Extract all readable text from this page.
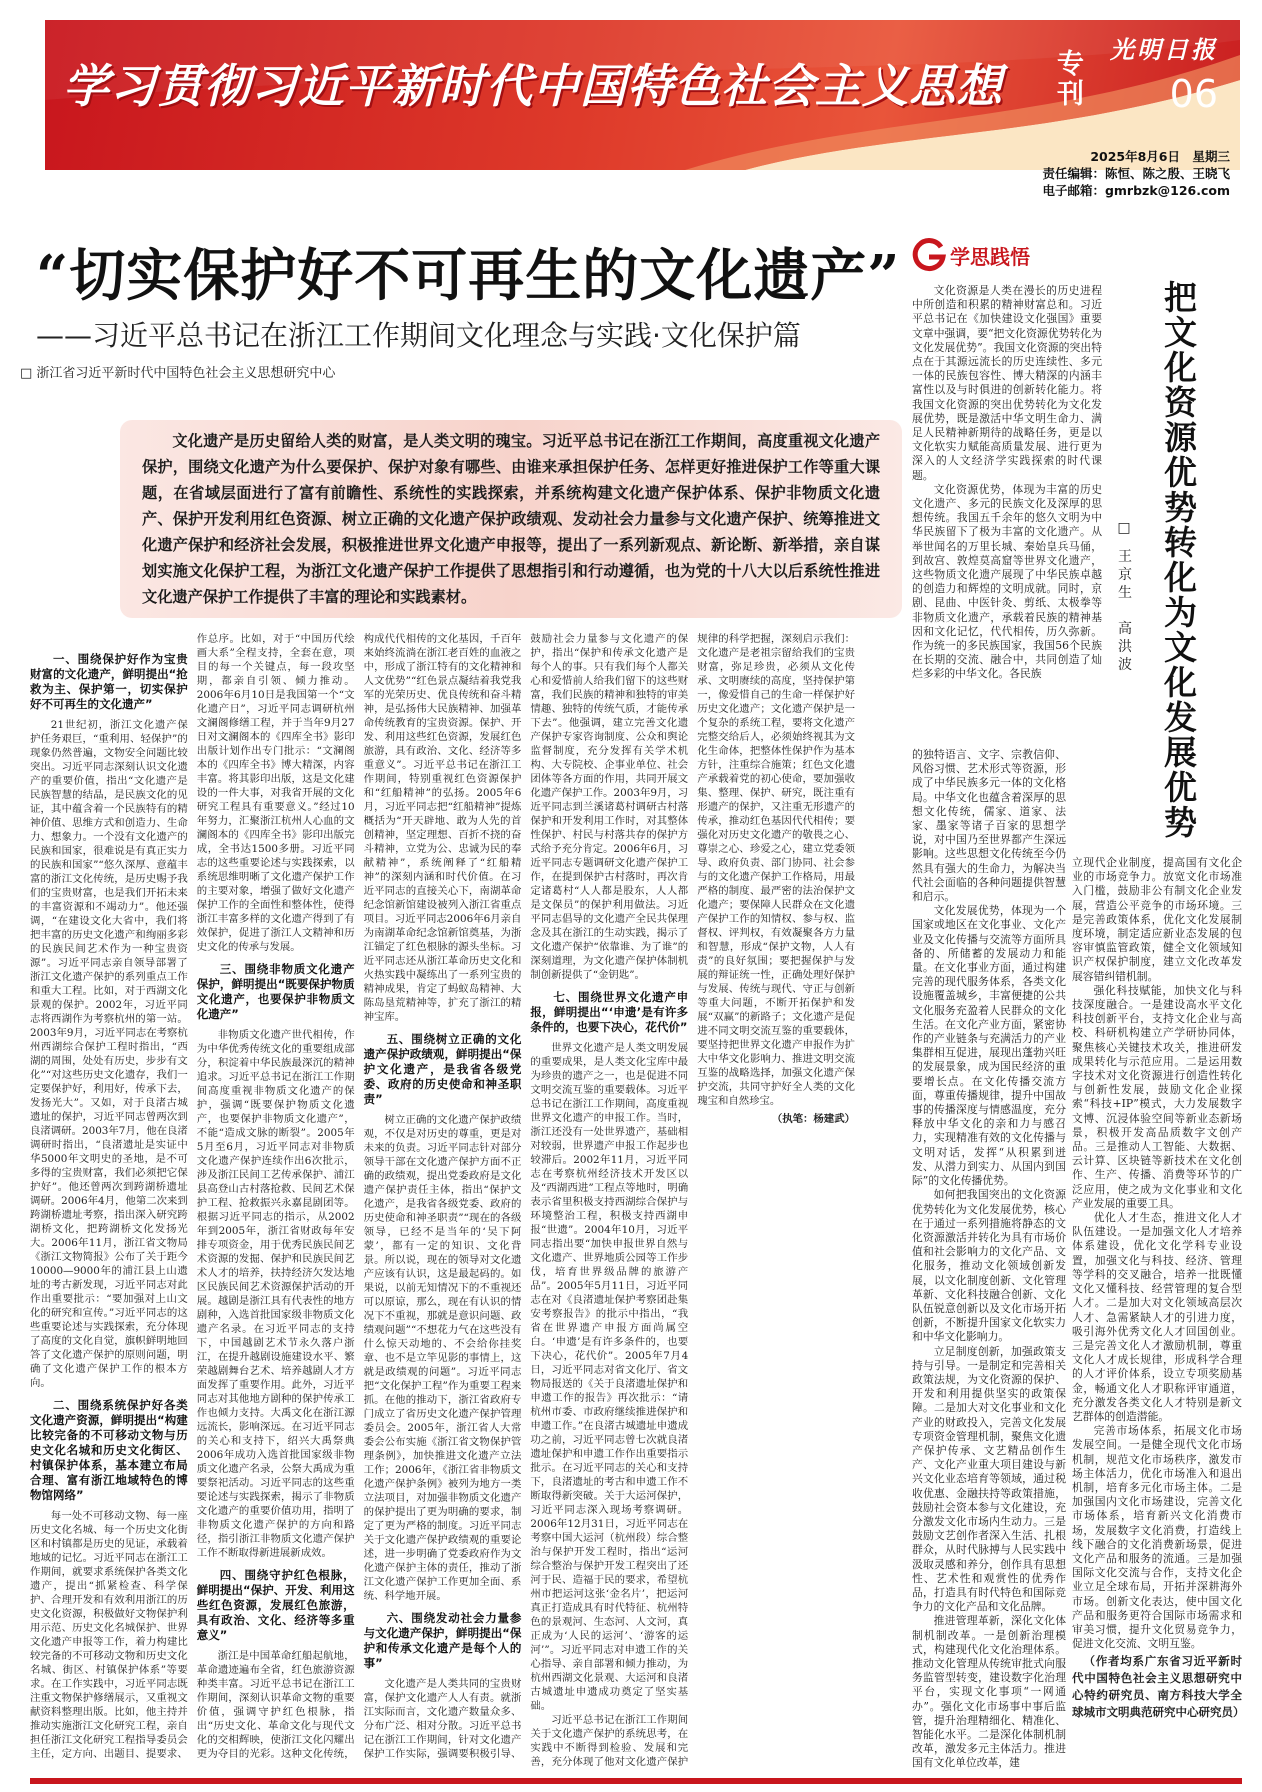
学习贯彻习近平新时代中国特色社会主义思想 专刊
光明日报
06
2025年8月6日　星期三
责任编辑：陈恒、陈之殷、王晓飞
电子邮箱：gmrbzk@126.com
“切实保护好不可再生的文化遗产”
——习近平总书记在浙江工作期间文化理念与实践·文化保护篇
□ 浙江省习近平新时代中国特色社会主义思想研究中心
文化遗产是历史留给人类的财富，是人类文明的瑰宝。习近平总书记在浙江工作期间，高度重视文化遗产保护，围绕文化遗产为什么要保护、保护对象有哪些、由谁来承担保护任务、怎样更好推进保护工作等重大课题，在省域层面进行了富有前瞻性、系统性的实践探索，并系统构建文化遗产保护体系、保护非物质文化遗产、保护开发利用红色资源、树立正确的文化遗产保护政绩观、发动社会力量参与文化遗产保护、统筹推进文化遗产保护和经济社会发展，积极推进世界文化遗产申报等，提出了一系列新观点、新论断、新举措，亲自谋划实施文化保护工程，为浙江文化遗产保护工作提供了思想指引和行动遵循，也为党的十八大以后系统性推进文化遗产保护工作提供了丰富的理论和实践素材。
一、围绕保护好作为宝贵财富的文化遗产，鲜明提出“抢救为主、保护第一，切实保护好不可再生的文化遗产”

21世纪初，浙江文化遗产保护任务艰巨，“重利用、轻保护”的现象仍然普遍，文物安全问题比较突出。习近平同志深刻认识文化遗产的重要价值，指出“文化遗产是民族智慧的结晶，是民族文化的见证，其中蕴含着一个民族特有的精神价值、思维方式和创造力、生命力、想象力。一个没有文化遗产的民族和国家，很难说是有真正实力的民族和国家”“悠久深厚、意蕴丰富的浙江文化传统，是历史赐予我们的宝贵财富，也是我们开拓未来的丰富资源和不竭动力”。他还强调，“在建设文化大省中，我们将把丰富的历史文化遗产和绚丽多彩的民族民间艺术作为一种宝贵资源”。习近平同志亲自领导部署了浙江文化遗产保护的系列重点工作和重大工程。比如，对于西湖文化景观的保护。2002年，习近平同志将西湖作为考察杭州的第一站。2003年9月，习近平同志在考察杭州西湖综合保护工程时指出，“西湖的周围，处处有历史，步步有文化”“对这些历史文化遗存，我们一定要保护好，利用好，传承下去，发扬光大”。又如，对于良渚古城遗址的保护，习近平同志曾两次到良渚调研。2003年7月，他在良渚调研时指出，“良渚遗址是实证中华5000年文明史的圣地，是不可多得的宝贵财富，我们必须把它保护好”。他还曾两次到跨湖桥遗址调研。2006年4月，他第二次来到跨湖桥遗址考察，指出深入研究跨湖桥文化，把跨湖桥文化发扬光大。2006年11月，浙江省文物局《浙江文物简报》公布了关于距今10000—9000年的浦江县上山遗址的考古新发现，习近平同志对此作出重要批示：“要加强对上山文化的研究和宣传。”习近平同志的这些重要论述与实践探索，充分体现了高度的文化自觉，旗帜鲜明地回答了文化遗产保护的原则问题，明确了文化遗产保护工作的根本方向。

二、围绕系统保护好各类文化遗产资源，鲜明提出“构建比较完备的不可移动文物与历史文化名城和历史文化街区、村镇保护体系，基本建立布局合理、富有浙江地域特色的博物馆网络”

每一处不可移动文物、每一座历史文化名城、每一个历史文化街区和村镇都是历史的见证，承载着地域的记忆。习近平同志在浙江工作期间，就要求系统保护各类文化遗产，提出“抓紧检查、科学保护、合理开发和有效利用浙江的历史文化资源，积极做好文物保护利用示范、历史文化名城保护、世界文化遗产申报等工作，着力构建比较完备的不可移动文物和历史文化名城、街区、村镇保护体系”等要求。在工作实践中，习近平同志既注重文物保护修缮展示，又重视文献资料整理出版。比如，他主持并推动实施浙江文化研究工程，亲自担任浙江文化研究工程指导委员会主任，定方向、出题目、提要求、作总序。比如，对于“中国历代绘画大系”全程支持，全套在意，项目的每一个关键点，每一段攻坚期，都亲自引领、倾力推动。2006年6月10日是我国第一个“文化遗产日”，习近平同志调研杭州文澜阁修缮工程，并于当年9月27日对文澜阁本的《四库全书》影印出版计划作出专门批示：“文澜阁本的《四库全书》博大精深，内容丰富。将其影印出版，这是文化建设的一件大事，对我省开展的文化研究工程具有重要意义。”经过10年努力，汇聚浙江杭州人心血的文澜阁本的《四库全书》影印出版完成，全书达1500多册。习近平同志的这些重要论述与实践探索，以系统思维明晰了文化遗产保护工作的主要对象，增强了做好文化遗产保护工作的全面性和整体性，使得浙江丰富多样的文化遗产得到了有效保护，促进了浙江人文精神和历史文化的传承与发展。

三、围绕非物质文化遗产保护，鲜明提出“既要保护物质文化遗产，也要保护非物质文化遗产”

非物质文化遗产世代相传，作为中华优秀传统文化的重要组成部分，积淀着中华民族最深沉的精神追求。习近平总书记在浙江工作期间高度重视非物质文化遗产的保护，强调“既要保护物质文化遗产，也要保护非物质文化遗产”，不能“造成文脉的断裂”。2005年5月至6月，习近平同志对非物质文化遗产保护连续作出6次批示，涉及浙江民间工艺传承保护、浦江县高登山古村落抢救、民间艺术保护工程、抢救振兴永嘉昆剧团等。根据习近平同志的指示，从2002年到2005年，浙江省财政每年安排专项资金，用于优秀民族民间艺术资源的发掘、保护和民族民间艺术人才的培养，扶持经济欠发达地区民族民间艺术资源保护活动的开展。越剧是浙江具有代表性的地方剧种，入选首批国家级非物质文化遗产名录。在习近平同志的支持下，中国越剧艺术节永久落户浙江，在提升越剧设施建设水平、繁荣越剧舞台艺术、培养越剧人才方面发挥了重要作用。此外，习近平同志对其他地方剧种的保护传承工作也倾力支持。大禹文化在浙江源远流长，影响深远。在习近平同志的关心和支持下，绍兴大禹祭典2006年成功入选首批国家级非物质文化遗产名录，公祭大禹成为重要祭祀活动。习近平同志的这些重要论述与实践探索，揭示了非物质文化遗产的重要价值功用，指明了非物质文化遗产保护的方向和路径，指引浙江非物质文化遗产保护工作不断取得新进展新成效。

四、围绕守护红色根脉，鲜明提出“保护、开发、利用这些红色资源，发展红色旅游，具有政治、文化、经济等多重意义”

浙江是中国革命红船起航地，革命遗迹遍布全省，红色旅游资源种类丰富。习近平总书记在浙江工作期间，深刻认识革命文物的重要价值，强调守护红色根脉，指出“历史文化、革命文化与现代文化的交相辉映，使浙江文化闪耀出更为夺目的光彩。这种文化传统，构成代代相传的文化基因，千百年来始终流淌在浙江老百姓的血液之中，形成了浙江特有的文化精神和人文优势”“红色景点凝结着我党我军的光荣历史、优良传统和奋斗精神，是弘扬伟大民族精神、加强革命传统教育的宝贵资源。保护、开发、利用这些红色资源，发展红色旅游，具有政治、文化、经济等多重意义”。习近平总书记在浙江工作期间，特别重视红色资源保护和“红船精神”的弘扬。2005年6月，习近平同志把“红船精神”提炼概括为“开天辟地、敢为人先的首创精神，坚定理想、百折不挠的奋斗精神，立党为公、忠诚为民的奉献精神”，系统阐释了“红船精神”的深刻内涵和时代价值。在习近平同志的直接关心下，南湖革命纪念馆新馆建设被列入浙江省重点项目。习近平同志2006年6月亲自为南湖革命纪念馆新馆奠基，为浙江锚定了红色根脉的源头坐标。习近平同志还从浙江革命历史文化和火热实践中凝练出了一系列宝贵的精神成果，肯定了蚂蚁岛精神、大陈岛垦荒精神等，扩充了浙江的精神宝库。

五、围绕树立正确的文化遗产保护政绩观，鲜明提出“保护文化遗产，是我省各级党委、政府的历史使命和神圣职责”

树立正确的文化遗产保护政绩观，不仅是对历史的尊重，更是对未来的负责。习近平同志针对部分领导干部在文化遗产保护方面不正确的政绩观，提出党委政府是文化遗产保护责任主体，指出“保护文化遗产，是我省各级党委、政府的历史使命和神圣职责”“现在的各级领导，已经不是当年的‘吴下阿蒙’，都有一定的知识、文化背景。所以说，现在的领导对文化遗产应该有认识，这是最起码的。如果说，以前无知情况下的不重视还可以原谅，那么，现在有认识的情况下不重视，那就是意识问题、政绩观问题”“不想花力气在这些没有什么惊天动地的、不会给你挂奖章、也不是立竿见影的事情上，这就是政绩观的问题”。习近平同志把“文化保护工程”作为重要工程来抓。在他的推动下，浙江省政府专门成立了省历史文化遗产保护管理委员会。2005年，浙江省人大常委会公布实施《浙江省文物保护管理条例》，加快推进文化遗产立法工作；2006年，《浙江省非物质文化遗产保护条例》被列为地方一类立法项目，对加强非物质文化遗产的保护提出了更为明确的要求，制定了更为严格的制度。习近平同志关于文化遗产保护政绩观的重要论述，进一步明确了党委政府作为文化遗产保护主体的责任，推动了浙江文化遗产保护工作更加全面、系统、科学地开展。

六、围绕发动社会力量参与文化遗产保护，鲜明提出“保护和传承文化遗产是每个人的事”

文化遗产是人类共同的宝贵财富，保护文化遗产人人有责。就浙江实际而言，文化遗产数量众多、分布广泛、相对分散。习近平总书记在浙江工作期间，针对文化遗产保护工作实际，强调要积极引导、鼓励社会力量参与文化遗产的保护，指出“保护和传承文化遗产是每个人的事。只有我们每个人都关心和爱惜前人给我们留下的这些财富，我们民族的精神和独特的审美情趣、独特的传统气质，才能传承下去”。他强调，建立完善文化遗产保护专家咨询制度、公众和舆论监督制度，充分发挥有关学术机构、大专院校、企事业单位、社会团体等各方面的作用，共同开展文化遗产保护工作。2003年9月，习近平同志到兰溪诸葛村调研古村落保护和开发利用工作时，对其整体性保护、村民与村落共存的保护方式给予充分肯定。2006年6月，习近平同志专题调研文化遗产保护工作，在提到保护古村落时，再次肯定诸葛村“人人都是股东，人人都是文保员”的保护利用做法。习近平同志倡导的文化遗产全民共保理念及其在浙江的生动实践，揭示了文化遗产保护“依靠谁、为了谁”的深刻道理，为文化遗产保护体制机制创新提供了“金钥匙”。

七、围绕世界文化遗产申报，鲜明提出“‘申遗’是有许多条件的，也要下决心，花代价”

世界文化遗产是人类文明发展的重要成果，是人类文化宝库中最为珍贵的遗产之一，也是促进不同文明交流互鉴的重要载体。习近平总书记在浙江工作期间，高度重视世界文化遗产的申报工作。当时，浙江还没有一处世界遗产，基础相对较弱，世界遗产申报工作起步也较滞后。2002年11月，习近平同志在考察杭州经济技术开发区以及“西湖西进”工程点等地时，明确表示省里积极支持西湖综合保护与环境整治工程，积极支持西湖申报“世遗”。2004年10月，习近平同志指出要“加快申报世界自然与文化遗产、世界地质公园等工作步伐，培育世界级品牌的旅游产品”。2005年5月11日，习近平同志在对《良渚遗址保护考察团赴集安考察报告》的批示中指出，“我省在世界遗产申报方面尚属空白。‘申遗’是有许多条件的，也要下决心，花代价”。2005年7月4日，习近平同志对省文化厅、省文物局报送的《关于良渚遗址保护和申遗工作的报告》再次批示：“请杭州市委、市政府继续推进保护和申遗工作。”在良渚古城遗址申遗成功之前，习近平同志曾七次就良渚遗址保护和申遗工作作出重要指示批示。在习近平同志的关心和支持下，良渚遗址的考古和申遗工作不断取得新突破。关于大运河保护，习近平同志深入现场考察调研。2006年12月31日，习近平同志在考察中国大运河（杭州段）综合整治与保护开发工程时，指出“运河综合整治与保护开发工程突出了还河于民、造福于民的要求，希望杭州市把运河这张‘金名片’，把运河真正打造成具有时代特征、杭州特色的景观河、生态河、人文河，真正成为‘人民的运河’、‘游客的运河’”。习近平同志对申遗工作的关心指导、亲自部署和倾力推动，为杭州西湖文化景观、大运河和良渚古城遗址申遗成功奠定了坚实基础。

习近平总书记在浙江工作期间关于文化遗产保护的系统思考，在实践中不断得到检验、发展和完善，充分体现了他对文化遗产保护规律的科学把握，深刻启示我们：文化遗产是老祖宗留给我们的宝贵财富，弥足珍贵，必须从文化传承、文明赓续的高度，坚持保护第一，像爱惜自己的生命一样保护好历史文化遗产；文化遗产保护是一个复杂的系统工程，要将文化遗产完整交给后人，必须始终视其为文化生命体，把整体性保护作为基本方针，注重综合施策；红色文化遗产承载着党的初心使命，要加强收集、整理、保护、研究，既注重有形遗产的保护，又注重无形遗产的传承，推动红色基因代代相传；要强化对历史文化遗产的敬畏之心、尊崇之心、珍爱之心，建立党委领导、政府负责、部门协同、社会参与的文化遗产保护工作格局，用最严格的制度、最严密的法治保护文化遗产；要保障人民群众在文化遗产保护工作的知情权、参与权、监督权、评判权，有效凝聚各方力量和智慧，形成“保护文物，人人有责”的良好氛围；要把握保护与发展的辩证统一性，正确处理好保护与发展、传统与现代、守正与创新等重大问题，不断开拓保护和发展“双赢”的新路子；文化遗产是促进不同文明交流互鉴的重要载体，要坚持把世界文化遗产申报作为扩大中华文化影响力、推进文明交流互鉴的战略选择，加强文化遗产保护交流，共同守护好全人类的文化瑰宝和自然珍宝。

（执笔：杨建武）
学思践悟

文化资源是人类在漫长的历史进程中所创造和积累的精神财富总和。习近平总书记在《加快建设文化强国》重要文章中强调，要“把文化资源优势转化为文化发展优势”。我国文化资源的突出特点在于其源远流长的历史连续性、多元一体的民族包容性、博大精深的内涵丰富性以及与时俱进的创新转化能力。将我国文化资源的突出优势转化为文化发展优势，既是激活中华文明生命力、满足人民精神新期待的战略任务，更是以文化软实力赋能高质量发展、进行更为深入的人文经济学实践探索的时代课题。

文化资源优势，体现为丰富的历史文化遗产、多元的民族文化及深厚的思想传统。我国五千余年的悠久文明为中华民族留下了极为丰富的文化遗产。从举世闻名的万里长城、秦始皇兵马俑，到故宫、敦煌莫高窟等世界文化遗产，这些物质文化遗产展现了中华民族卓越的创造力和辉煌的文明成就。同时，京剧、昆曲、中医针灸、剪纸、太极拳等非物质文化遗产，承载着民族的精神基因和文化记忆，代代相传，历久弥新。作为统一的多民族国家，我国56个民族在长期的交流、融合中，共同创造了灿烂多彩的中华文化。各民族	□ 王京生　高洪波 把文化资源优势转化为文化发展优势

的独特语言、文字、宗教信仰、风俗习惯、艺术形式等资源，形成了中华民族多元一体的文化格局。中华文化也蕴含着深厚的思想文化传统，儒家、道家、法家、墨家等诸子百家的思想学说，对中国乃至世界都产生深远影响。这些思想文化传统至今仍然具有强大的生命力，为解决当代社会面临的各种问题提供智慧和启示。

文化发展优势，体现为一个国家或地区在文化事业、文化产业及文化传播与交流等方面所具备的、所储蓄的发展动力和能量。在文化事业方面，通过构建完善的现代服务体系，各类文化设施覆盖城乡，丰富便捷的公共文化服务充盈着人民群众的文化生活。在文化产业方面，紧密协作的产业链条与充满活力的产业集群相互促进，展现出蓬勃兴旺的发展景象，成为国民经济的重要增长点。在文化传播交流方面，尊重传播规律，提升中国故事的传播深度与情感温度，充分释放中华文化的亲和力与感召力，实现精准有效的文化传播与文明对话，发挥“从积累到迸发、从潜力到实力、从国内到国际”的文化传播优势。

如何把我国突出的文化资源优势转化为文化发展优势，核心在于通过一系列措施将静态的文化资源激活并转化为具有市场价值和社会影响力的文化产品、文化服务，推动文化领域创新发展，以文化制度创新、文化管理革新、文化科技融合创新、文化队伍锐意创新以及文化市场开拓创新，不断提升国家文化软实力和中华文化影响力。

立足制度创新，加强政策支持与引导。一是制定和完善相关政策法规，为文化资源的保护、开发和利用提供坚实的政策保障。二是加大对文化事业和文化产业的财政投入，完善文化发展专项资金管理机制，聚焦文化遗产保护传承、文艺精品创作生产、文化产业重大项目建设与新兴文化业态培育等领域，通过税收优惠、金融扶持等政策措施，鼓励社会资本参与文化建设，充分激发文化市场内生动力。三是鼓励文艺创作者深入生活、扎根群众，从时代脉搏与人民实践中汲取灵感和养分，创作具有思想性、艺术性和观赏性的优秀作品，打造具有时代特色和国际竞争力的文化产品和文化品牌。

推进管理革新，深化文化体制机制改革。一是创新治理模式，构建现代化文化治理体系。推动文化管理从传统审批式向服务监管型转变，建设数字化治理平台，实现文化事项“一网通办”。强化文化市场事中事后监管，提升治理精细化、精准化、智能化水平。二是深化体制机制改革，激发多元主体活力。推进国有文化单位改革，建

立现代企业制度，提高国有文化企业的市场竞争力。放宽文化市场准入门槛，鼓励非公有制文化企业发展，营造公平竞争的市场环境。三是完善政策体系，优化文化发展制度环境，制定适应新业态发展的包容审慎监管政策，健全文化领域知识产权保护制度，建立文化改革发展容错纠错机制。

强化科技赋能，加快文化与科技深度融合。一是建设高水平文化科技创新平台，支持文化企业与高校、科研机构建立产学研协同体，聚焦核心关键技术攻关，推进研发成果转化与示范应用。二是运用数字技术对文化资源进行创造性转化与创新性发展，鼓励文化企业探索“科技+IP”模式，大力发展数字文博、沉浸体验空间等新业态新场景，积极开发高品质数字文创产品。三是推动人工智能、大数据、云计算、区块链等新技术在文化创作、生产、传播、消费等环节的广泛应用，使之成为文化事业和文化产业发展的重要工具。

优化人才生态，推进文化人才队伍建设。一是加强文化人才培养体系建设，优化文化学科专业设置，加强文化与科技、经济、管理等学科的交叉融合，培养一批既懂文化又懂科技、经营管理的复合型人才。二是加大对文化领域高层次人才、急需紧缺人才的引进力度，吸引海外优秀文化人才回国创业。三是完善文化人才激励机制，尊重文化人才成长规律，形成科学合理的人才评价体系，设立专项奖励基金，畅通文化人才职称评审通道，充分激发各类文化人才特别是新文艺群体的创造潜能。

完善市场体系，拓展文化市场发展空间。一是健全现代文化市场机制，规范文化市场秩序，激发市场主体活力，优化市场准入和退出机制，培育多元化市场主体。二是加强国内文化市场建设，完善文化市场体系，培育新兴文化消费市场，发展数字文化消费，打造线上线下融合的文化消费新场景，促进文化产品和服务的流通。三是加强国际文化交流与合作，支持文化企业立足全球布局，开拓并深耕海外市场。创新文化表达，使中国文化产品和服务更符合国际市场需求和审美习惯，提升文化贸易竞争力，促进文化交流、文明互鉴。

（作者均系广东省习近平新时代中国特色社会主义思想研究中心特约研究员、南方科技大学全球城市文明典范研究中心研究员）
